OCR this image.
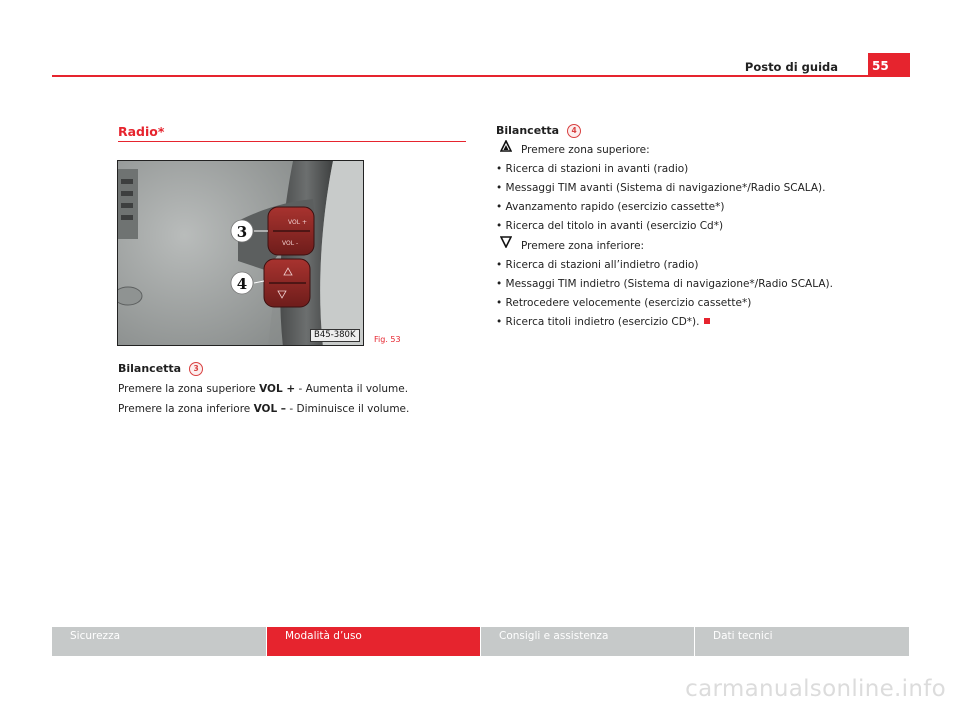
Posto di guida	55
Radio*
VOL +
VOL -
3
4
B45-380K	Fig. 53
Bilancetta 3
Premere la zona superiore VOL + - Aumenta il volume.
Premere la zona inferiore VOL – - Diminuisce il volume.
Bilancetta 4
Premere zona superiore:
• Ricerca di stazioni in avanti (radio)
• Messaggi TIM avanti (Sistema di navigazione*/Radio SCALA).
• Avanzamento rapido (esercizio cassette*)
• Ricerca del titolo in avanti (esercizio Cd*)
Premere zona inferiore:
• Ricerca di stazioni all’indietro (radio)
• Messaggi TIM indietro (Sistema di navigazione*/Radio SCALA).
• Retrocedere velocemente (esercizio cassette*)
• Ricerca titoli indietro (esercizio CD*).
Sicurezza	Modalità d’uso	Consigli e assistenza	Dati tecnici
carmanualsonline.info
